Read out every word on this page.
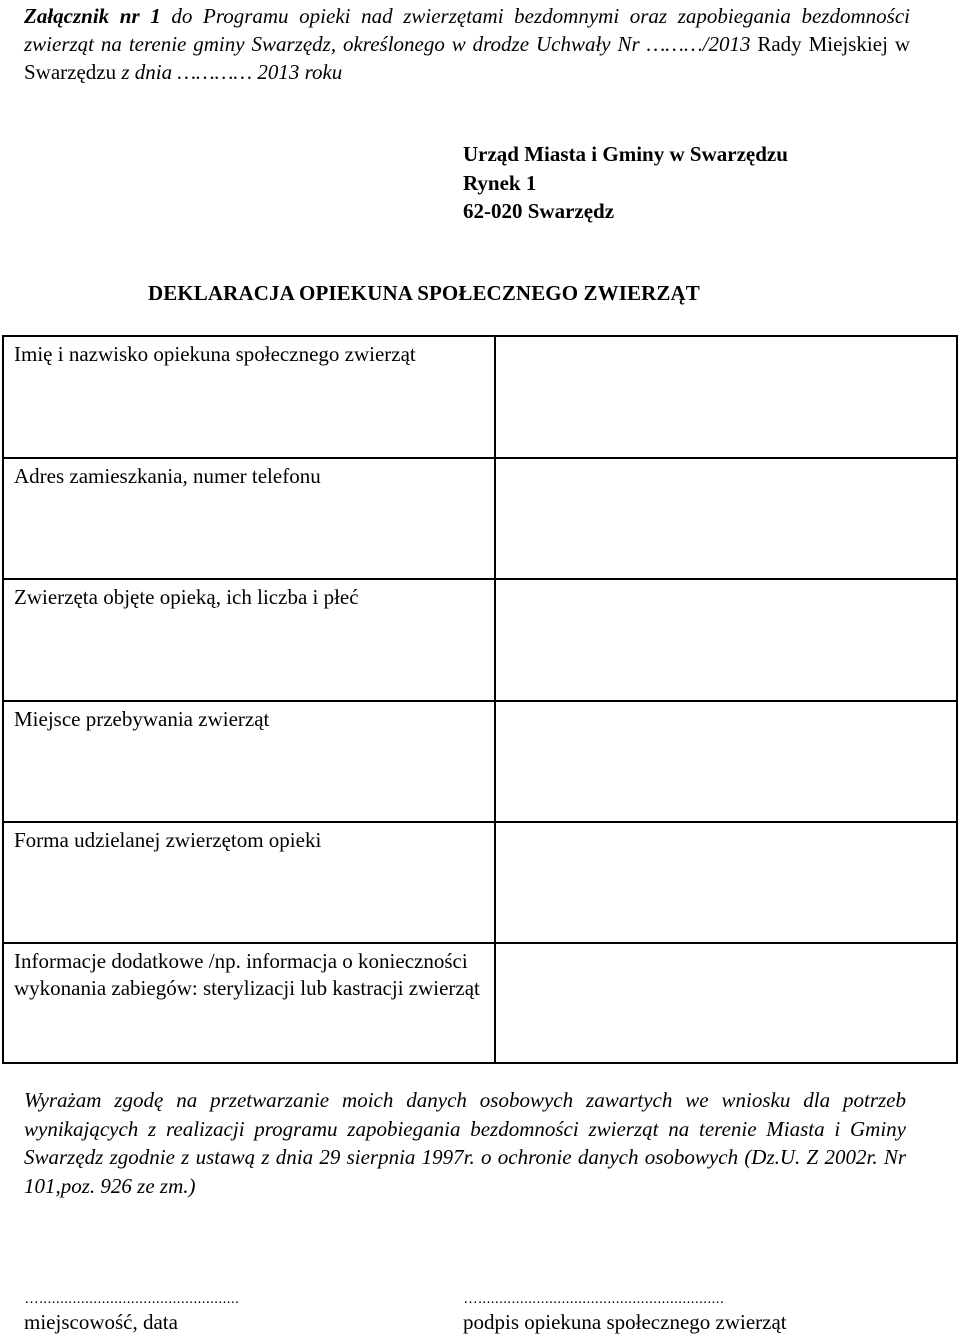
Załącznik nr 1 do Programu opieki nad zwierzętami bezdomnymi oraz zapobiegania bezdomności zwierząt na terenie gminy Swarzędz, określonego w drodze Uchwały Nr ………/2013 Rady Miejskiej w Swarzędzu z dnia ………… 2013 roku
Urząd Miasta i Gminy w Swarzędzu
Rynek 1
62-020 Swarzędz
DEKLARACJA OPIEKUNA SPOŁECZNEGO ZWIERZĄT
Imię i nazwisko opiekuna społecznego zwierząt	
Adres zamieszkania, numer telefonu	
Zwierzęta objęte opieką, ich liczba i płeć	
Miejsce przebywania zwierząt	
Forma udzielanej zwierzętom opieki	
Informacje dodatkowe /np. informacja o konieczności wykonania zabiegów: sterylizacji lub kastracji zwierząt	
Wyrażam zgodę na przetwarzanie moich danych osobowych zawartych we wniosku dla potrzeb wynikających z realizacji programu zapobiegania bezdomności zwierząt na terenie Miasta i Gminy Swarzędz zgodnie z ustawą z dnia 29 sierpnia 1997r. o ochronie danych osobowych (Dz.U. Z 2002r. Nr 101,poz. 926 ze zm.)
…................................................
miejscowość, data
…...........................................................
podpis opiekuna społecznego zwierząt
